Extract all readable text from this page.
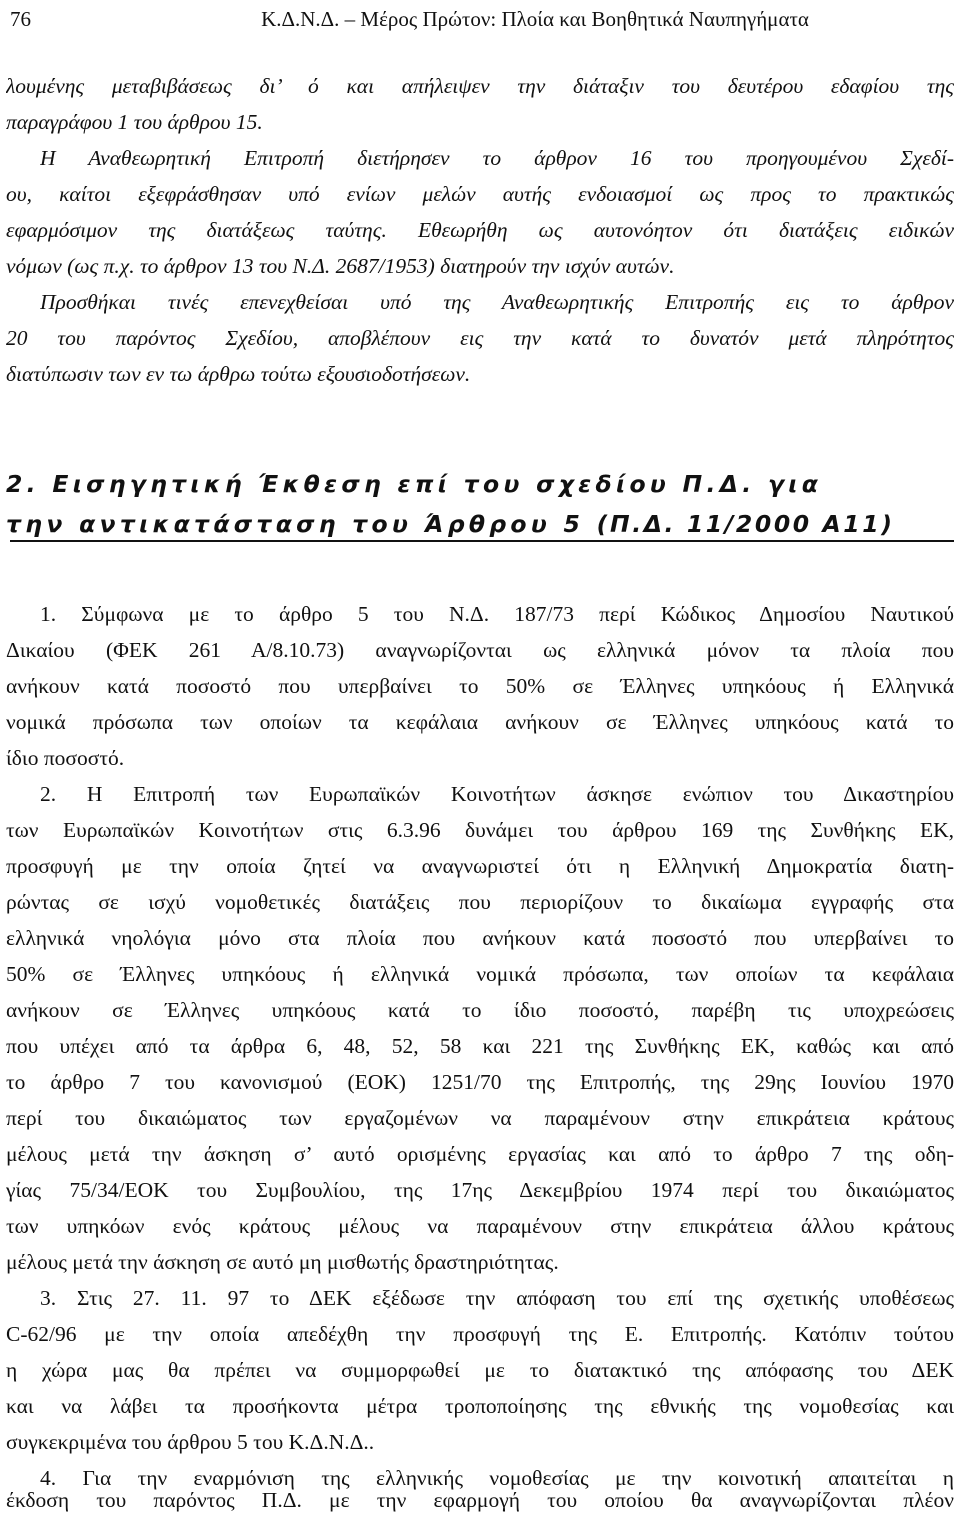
76	Κ.Δ.Ν.Δ. – Μέρος Πρώτον: Πλοία και Βοηθητικά Ναυπηγήματα
λουμένης μεταβιβάσεως δι’ ό και απήλειψεν την διάταξιν του δευτέρου εδαφίου της
παραγράφου 1 του άρθρου 15.
Η Αναθεωρητική Επιτροπή διετήρησεν το άρθρον 16 του προηγουμένου Σχεδί-
ου, καίτοι εξεφράσθησαν υπό ενίων μελών αυτής ενδοιασμοί ως προς το πρακτικώς
εφαρμόσιμον της διατάξεως ταύτης. Εθεωρήθη ως αυτονόητον ότι διατάξεις ειδικών
νόμων (ως π.χ. το άρθρον 13 του Ν.Δ. 2687/1953) διατηρούν την ισχύν αυτών.
Προσθήκαι τινές επενεχθείσαι υπό της Αναθεωρητικής Επιτροπής εις το άρθρον
20 του παρόντος Σχεδίου, αποβλέπουν εις την κατά το δυνατόν μετά πληρότητος
διατύπωσιν των εν τω άρθρω τούτω εξουσιοδοτήσεων.
2. Εισηγητική Έκθεση επί του σχεδίου Π.Δ. για
την αντικατάσταση του Άρθρου 5 (Π.Δ. 11/2000 Α11)
1. Σύμφωνα με το άρθρο 5 του Ν.Δ. 187/73 περί Κώδικος Δημοσίου Ναυτικού
Δικαίου (ΦΕΚ 261 Α/8.10.73) αναγνωρίζονται ως ελληνικά μόνον τα πλοία που
ανήκουν κατά ποσοστό που υπερβαίνει το 50% σε Έλληνες υπηκόους ή Ελληνικά
νομικά πρόσωπα των οποίων τα κεφάλαια ανήκουν σε Έλληνες υπηκόους κατά το
ίδιο ποσοστό.
2. Η Επιτροπή των Ευρωπαϊκών Κοινοτήτων άσκησε ενώπιον του Δικαστηρίου
των Ευρωπαϊκών Κοινοτήτων στις 6.3.96 δυνάμει του άρθρου 169 της Συνθήκης ΕΚ,
προσφυγή με την οποία ζητεί να αναγνωριστεί ότι η Ελληνική Δημοκρατία διατη-
ρώντας σε ισχύ νομοθετικές διατάξεις που περιορίζουν το δικαίωμα εγγραφής στα
ελληνικά νηολόγια μόνο στα πλοία που ανήκουν κατά ποσοστό που υπερβαίνει το
50% σε Έλληνες υπηκόους ή ελληνικά νομικά πρόσωπα, των οποίων τα κεφάλαια
ανήκουν σε Έλληνες υπηκόους κατά το ίδιο ποσοστό, παρέβη τις υποχρεώσεις
που υπέχει από τα άρθρα 6, 48, 52, 58 και 221 της Συνθήκης ΕΚ, καθώς και από
το άρθρο 7 του κανονισμού (ΕΟΚ) 1251/70 της Επιτροπής, της 29ης Ιουνίου 1970
περί του δικαιώματος των εργαζομένων να παραμένουν στην επικράτεια κράτους
μέλους μετά την άσκηση σ’ αυτό ορισμένης εργασίας και από το άρθρο 7 της οδη-
γίας 75/34/ΕΟΚ του Συμβουλίου, της 17ης Δεκεμβρίου 1974 περί του δικαιώματος
των υπηκόων ενός κράτους μέλους να παραμένουν στην επικράτεια άλλου κράτους
μέλους μετά την άσκηση σε αυτό μη μισθωτής δραστηριότητας.
3. Στις 27. 11. 97 το ΔΕΚ εξέδωσε την απόφαση του επί της σχετικής υποθέσεως
C-62/96 με την οποία απεδέχθη την προσφυγή της Ε. Επιτροπής. Κατόπιν τούτου
η χώρα μας θα πρέπει να συμμορφωθεί με το διατακτικό της απόφασης του ΔΕΚ
και να λάβει τα προσήκοντα μέτρα τροποποίησης της εθνικής της νομοθεσίας και
συγκεκριμένα του άρθρου 5 του Κ.Δ.Ν.Δ..
4. Για την εναρμόνιση της ελληνικής νομοθεσίας με την κοινοτική απαιτείται η
έκδοση του παρόντος Π.Δ. με την εφαρμογή του οποίου θα αναγνωρίζονται πλέον
